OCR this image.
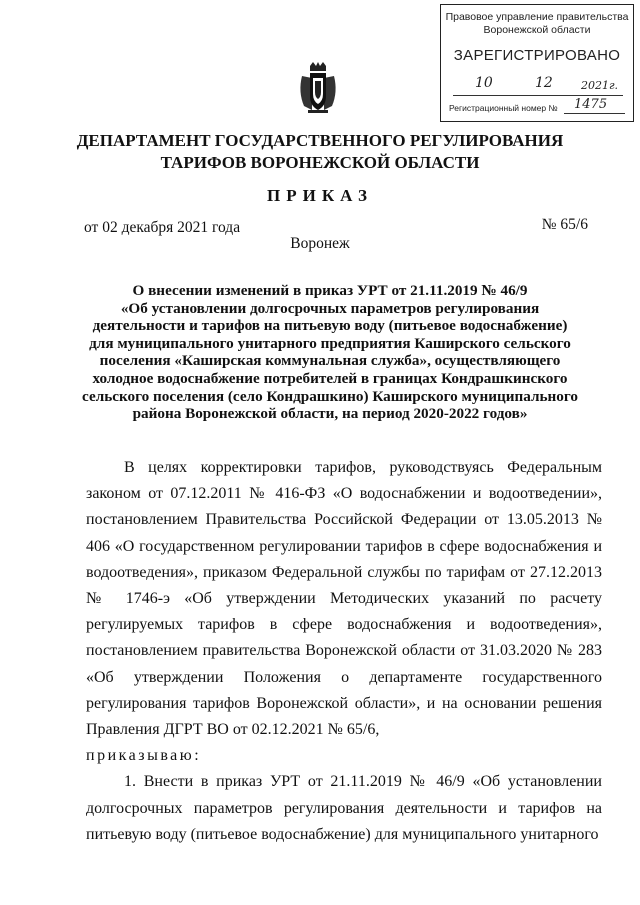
Правовое управление правительства
Воронежской области
ЗАРЕГИСТРИРОВАНО
10	12	2021г.
Регистрационный номер № 1475
ДЕПАРТАМЕНТ ГОСУДАРСТВЕННОГО РЕГУЛИРОВАНИЯ
ТАРИФОВ ВОРОНЕЖСКОЙ ОБЛАСТИ
ПРИКАЗ
от 02 декабря 2021 года	№ 65/6
Воронеж
О внесении изменений в приказ УРТ от 21.11.2019 № 46/9
«Об установлении долгосрочных параметров регулирования
деятельности и тарифов на питьевую воду (питьевое водоснабжение)
для муниципального унитарного предприятия Каширского сельского
поселения «Каширская коммунальная служба», осуществляющего
холодное водоснабжение потребителей в границах Кондрашкинского
сельского поселения (село Кондрашкино) Каширского муниципального
района Воронежской области, на период 2020-2022 годов»

В целях корректировки тарифов, руководствуясь Федеральным законом от 07.12.2011 № 416-ФЗ «О водоснабжении и водоотведении», постановлением Правительства Российской Федерации от 13.05.2013 № 406 «О государственном регулировании тарифов в сфере водоснабжения и водоотведения», приказом Федеральной службы по тарифам от 27.12.2013 № 1746-э «Об утверждении Методических указаний по расчету регулируемых тарифов в сфере водоснабжения и водоотведения», постановлением правительства Воронежской области от 31.03.2020 № 283 «Об утверждении Положения о департаменте государственного регулирования тарифов Воронежской области», и на основании решения Правления ДГРТ ВО от 02.12.2021 № 65/6,

приказываю:

1. Внести в приказ УРТ от 21.11.2019 № 46/9 «Об установлении долгосрочных параметров регулирования деятельности и тарифов на питьевую воду (питьевое водоснабжение) для муниципального унитарного
